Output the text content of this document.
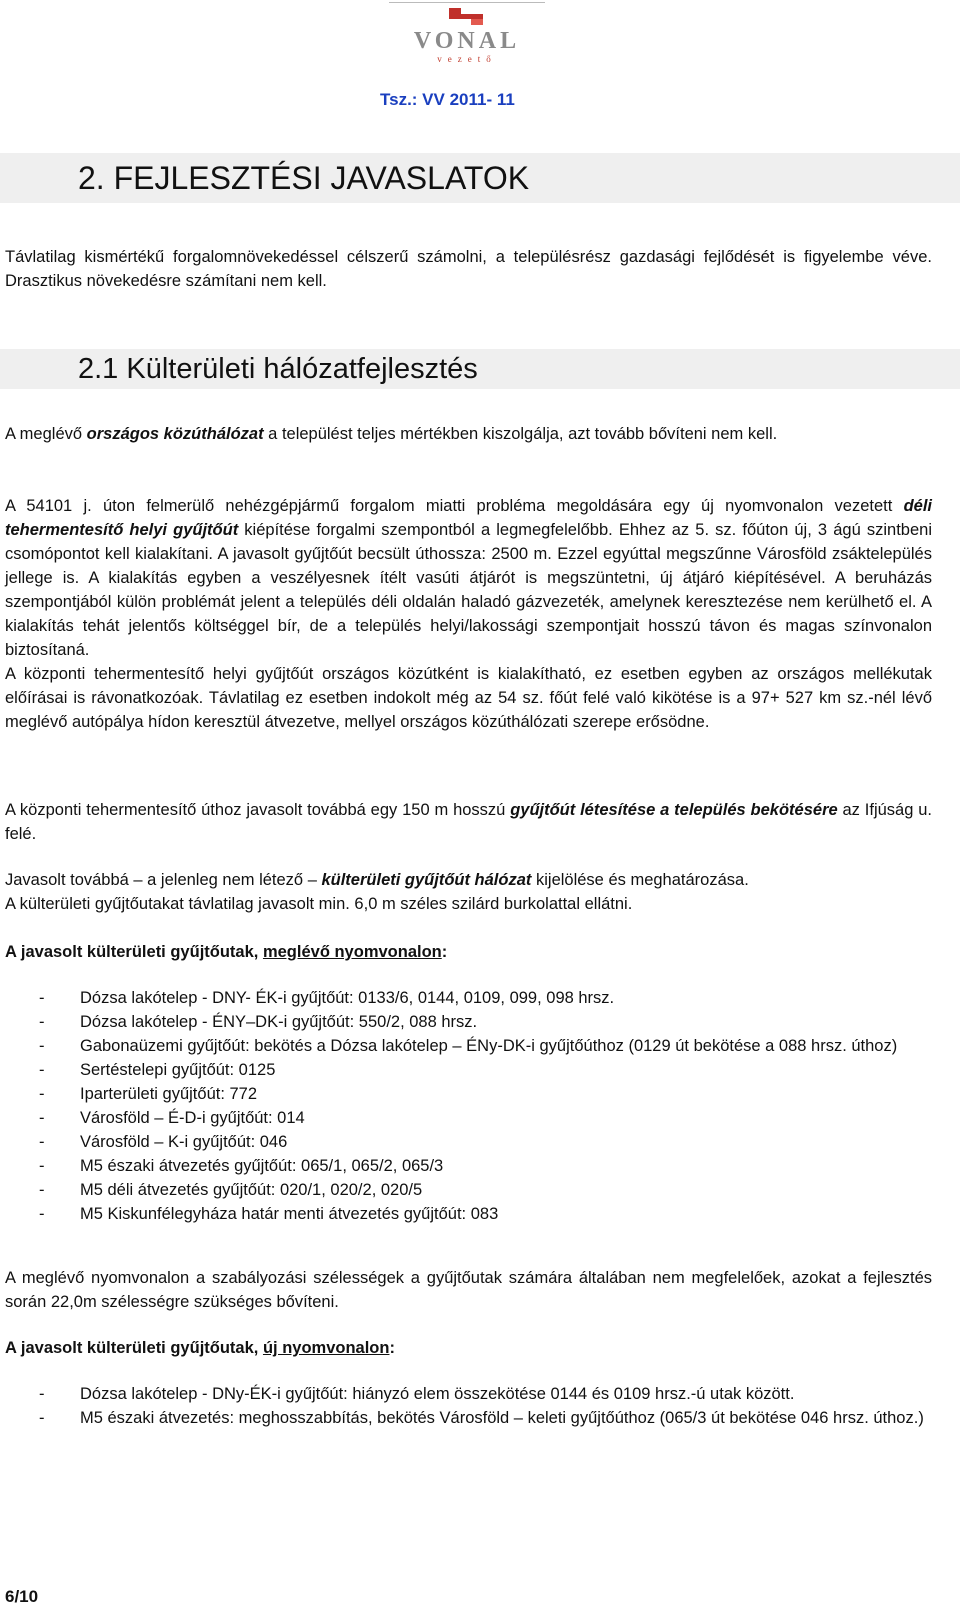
VONAL
vezető
Tsz.: VV 2011- 11
2. FEJLESZTÉSI JAVASLATOK
Távlatilag kismértékű forgalomnövekedéssel célszerű számolni, a településrész gazdasági fejlődését is figyelembe véve. Drasztikus növekedésre számítani nem kell.
2.1 Külterületi hálózatfejlesztés
A meglévő országos közúthálózat a települést teljes mértékben kiszolgálja, azt tovább bővíteni nem kell.
A 54101 j. úton felmerülő nehézgépjármű forgalom miatti probléma megoldására egy új nyomvonalon vezetett déli tehermentesítő helyi gyűjtőút kiépítése forgalmi szempontból a legmegfelelőbb. Ehhez az 5. sz. főúton új, 3 ágú szintbeni csomópontot kell kialakítani. A javasolt gyűjtőút becsült úthossza: 2500 m. Ezzel egyúttal megszűnne Városföld zsáktelepülés jellege is. A kialakítás egyben a veszélyesnek ítélt vasúti átjárót is megszüntetni, új átjáró kiépítésével. A beruházás szempontjából külön problémát jelent a település déli oldalán haladó gázvezeték, amelynek keresztezése nem kerülhető el. A kialakítás tehát jelentős költséggel bír, de a település helyi/lakossági szempontjait hosszú távon és magas színvonalon biztosítaná.
A központi tehermentesítő helyi gyűjtőút országos közútként is kialakítható, ez esetben egyben az országos mellékutak előírásai is rávonatkozóak. Távlatilag ez esetben indokolt még az 54 sz. főút felé való kikötése is a 97+ 527 km sz.-nél lévő meglévő autópálya hídon keresztül átvezetve, mellyel országos közúthálózati szerepe erősödne.
A központi tehermentesítő úthoz javasolt továbbá egy 150 m hosszú gyűjtőút létesítése a település bekötésére az Ifjúság u. felé.
Javasolt továbbá – a jelenleg nem létező – külterületi gyűjtőút hálózat kijelölése és meghatározása.
A külterületi gyűjtőutakat távlatilag javasolt min. 6,0 m széles szilárd burkolattal ellátni.
A javasolt külterületi gyűjtőutak, meglévő nyomvonalon:
- Dózsa lakótelep - DNY- ÉK-i gyűjtőút: 0133/6, 0144, 0109, 099, 098 hrsz.
- Dózsa lakótelep - ÉNY–DK-i gyűjtőút: 550/2, 088 hrsz.
- Gabonaüzemi gyűjtőút: bekötés a Dózsa lakótelep – ÉNy-DK-i gyűjtőúthoz (0129 út bekötése a 088 hrsz. úthoz)
- Sertéstelepi gyűjtőút: 0125
- Iparterületi gyűjtőút: 772
- Városföld – É-D-i gyűjtőút: 014
- Városföld – K-i gyűjtőút: 046
- M5 északi átvezetés gyűjtőút: 065/1, 065/2, 065/3
- M5 déli átvezetés gyűjtőút: 020/1, 020/2, 020/5
- M5 Kiskunfélegyháza határ menti átvezetés gyűjtőút: 083
A meglévő nyomvonalon a szabályozási szélességek a gyűjtőutak számára általában nem megfelelőek, azokat a fejlesztés során 22,0m szélességre szükséges bővíteni.
A javasolt külterületi gyűjtőutak, új nyomvonalon:
- Dózsa lakótelep - DNy-ÉK-i gyűjtőút: hiányzó elem összekötése 0144 és 0109 hrsz.-ú utak között.
- M5 északi átvezetés: meghosszabbítás, bekötés Városföld – keleti gyűjtőúthoz (065/3 út bekötése 046 hrsz. úthoz.)
6/10
